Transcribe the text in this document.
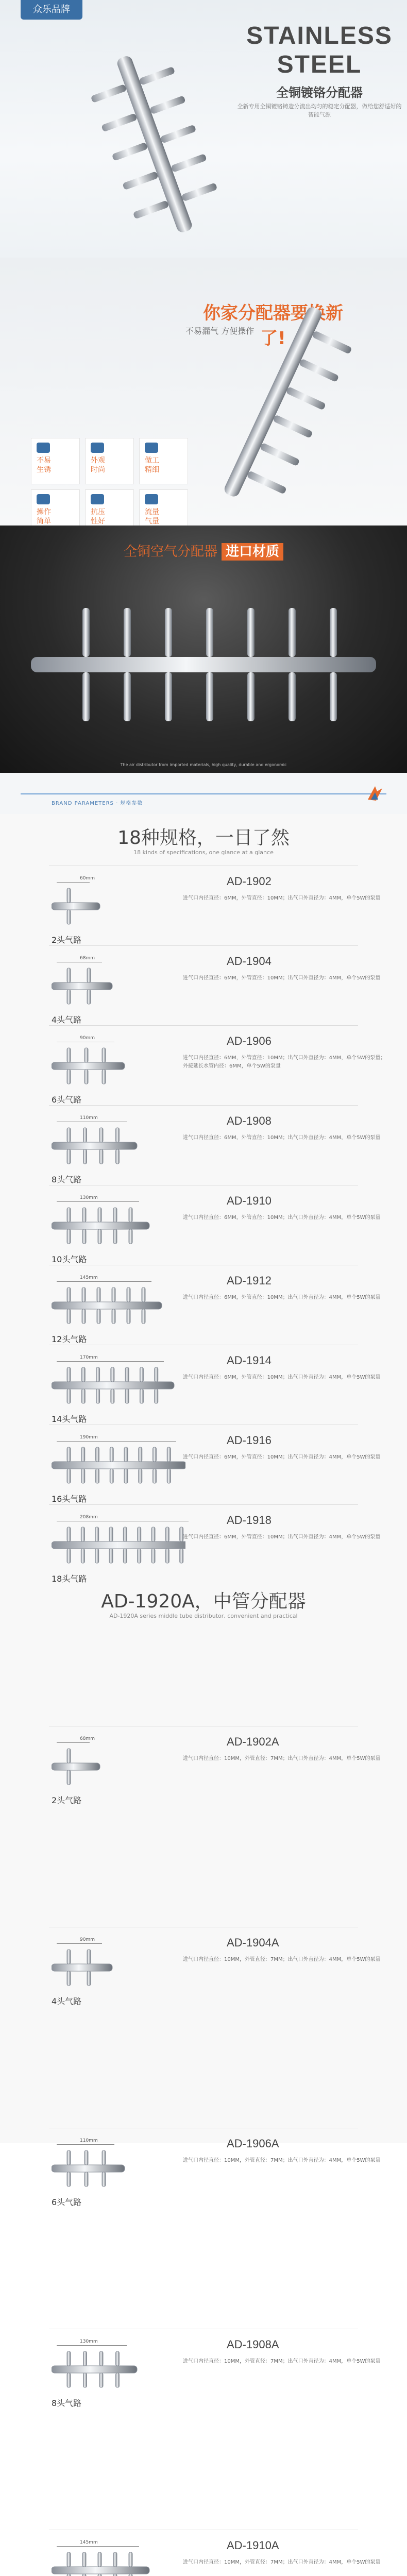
众乐品牌
STAINLESS
STEEL
全铜镀铬分配器
全新专用全铜镀铬铸造分流出均匀的稳定分配器，做给您舒适好的智能气源
你家分配器要换新了!
不易漏气 方便操作
不易
生锈
外观
时尚
做工
精细
操作
简单
抗压
性好
流量
气量
全铜空气分配器 进口材质
The air distributor from imported materials, high quality, durable and ergonomic
BRAND PARAMETERS · 规格参数
18种规格，一目了然
18 kinds of specifications, one glance at a glance
60mm
2头气路
AD-1902
进气口内径直径：6MM，外管直径：10MM；出气口外直径为：4MM，单个5W的泵量
68mm
4头气路
AD-1904
进气口内径直径：6MM，外管直径：10MM；出气口外直径为：4MM，单个5W的泵量
90mm
6头气路
AD-1906
进气口内径直径：6MM，外管直径：10MM；出气口外直径为：4MM，单个5W的泵量；外接延长水管内径：6MM，单个5W的泵量
110mm
8头气路
AD-1908
进气口内径直径：6MM，外管直径：10MM；出气口外直径为：4MM，单个5W的泵量
130mm
10头气路
AD-1910
进气口内径直径：6MM，外管直径：10MM；出气口外直径为：4MM，单个5W的泵量
145mm
12头气路
AD-1912
进气口内径直径：6MM，外管直径：10MM；出气口外直径为：4MM，单个5W的泵量
170mm
14头气路
AD-1914
进气口内径直径：6MM，外管直径：10MM；出气口外直径为：4MM，单个5W的泵量
190mm
16头气路
AD-1916
进气口内径直径：6MM，外管直径：10MM；出气口外直径为：4MM，单个5W的泵量
208mm
18头气路
AD-1918
进气口内径直径：6MM，外管直径：10MM；出气口外直径为：4MM，单个5W的泵量
AD-1920A，中管分配器
AD-1920A series middle tube distributor, convenient and practical
68mm
2头气路
AD-1902A
进气口内径直径：10MM，外管直径：7MM；出气口外直径为：4MM，单个5W的泵量
90mm
4头气路
AD-1904A
进气口内径直径：10MM，外管直径：7MM；出气口外直径为：4MM，单个5W的泵量
110mm
6头气路
AD-1906A
进气口内径直径：10MM，外管直径：7MM；出气口外直径为：4MM，单个5W的泵量
130mm
8头气路
AD-1908A
进气口内径直径：10MM，外管直径：7MM；出气口外直径为：4MM，单个5W的泵量
145mm	AD-1910A
进气口内径直径：10MM，外管直径：7MM；出气口外直径为：4MM，单个5W的泵量
